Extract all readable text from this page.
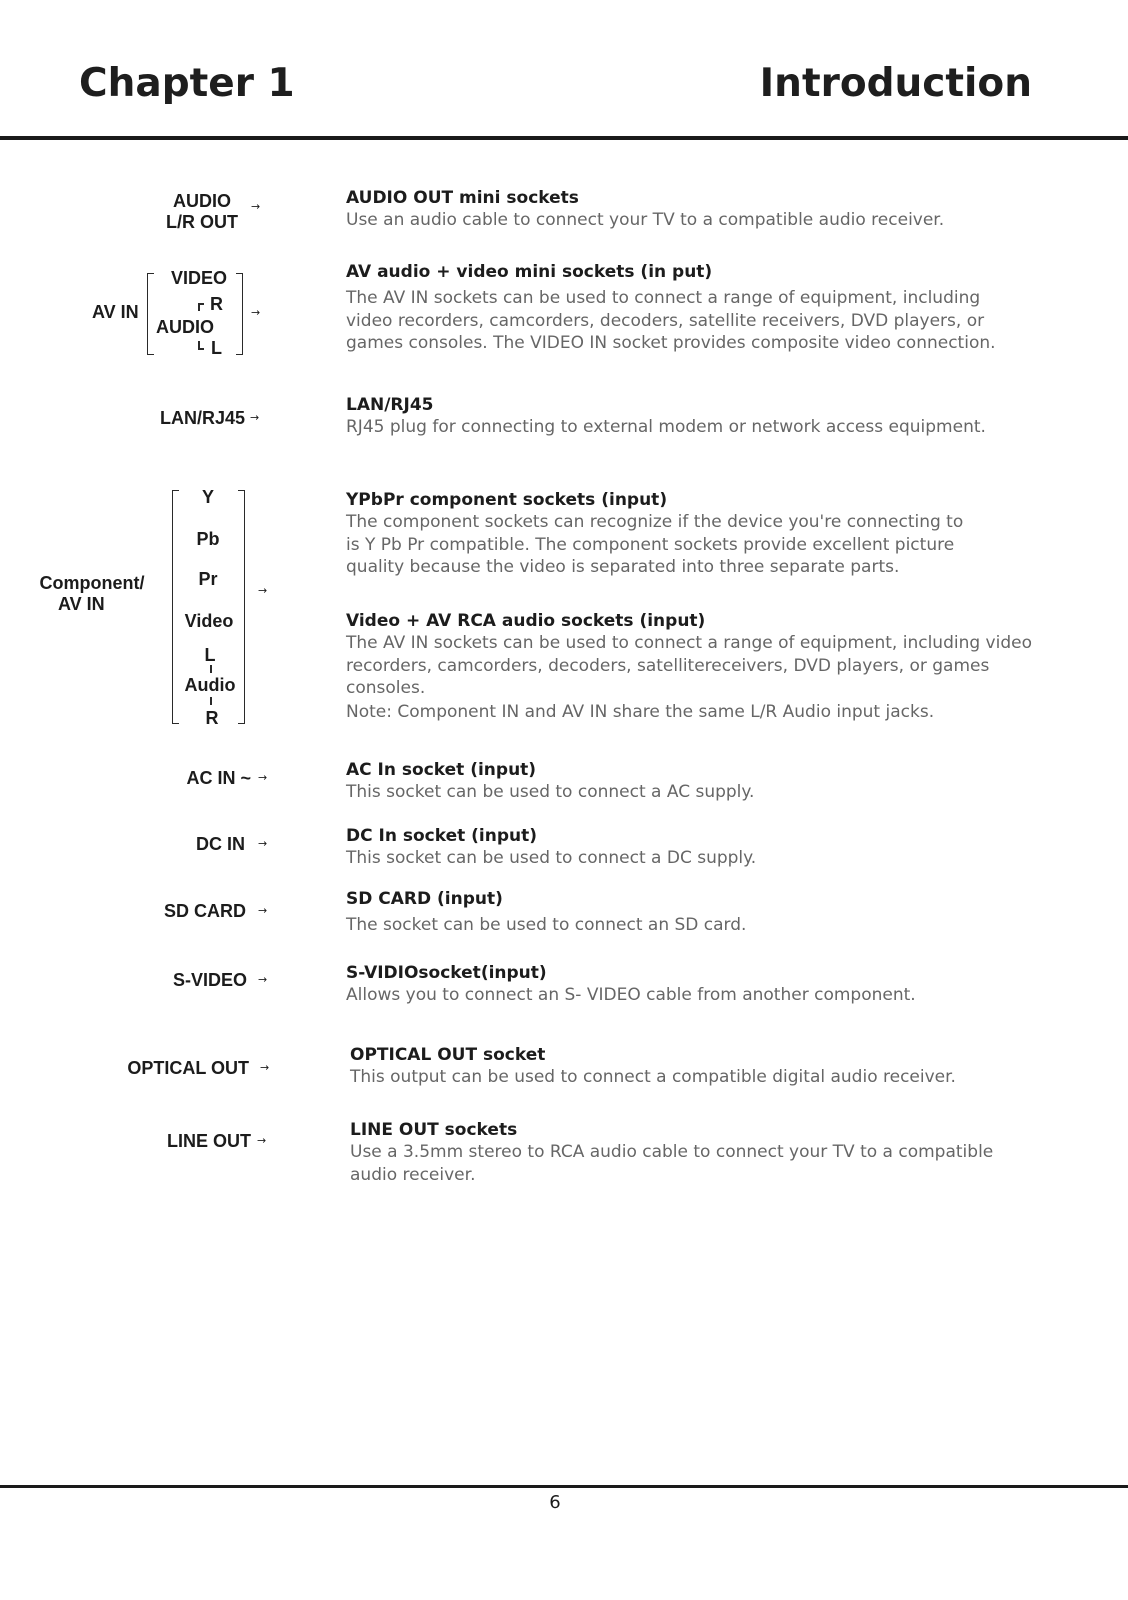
Chapter 1	Introduction
AUDIO
L/R OUT
→
AV IN
VIDEO
R
AUDIO
L
→
LAN/RJ45 →
Component/
AV IN
Y
Pb
Pr
Video
L
Audio
R
→
AC IN ~ →
DC IN →
SD CARD →
S-VIDEO →
OPTICAL OUT →
LINE OUT →
AUDIO OUT mini sockets
Use an audio cable to connect your TV to a compatible audio receiver.
AV audio + video mini sockets (in put)
The AV IN sockets can be used to connect a range of equipment, including
video recorders, camcorders, decoders, satellite receivers, DVD players, or
games consoles. The VIDEO IN socket provides composite video connection.
LAN/RJ45
RJ45 plug for connecting to external modem or network access equipment.
YPbPr component sockets (input)
The component sockets can recognize if the device you're connecting to
is Y Pb Pr compatible. The component sockets provide excellent picture
quality because the video is separated into three separate parts.
Video + AV RCA audio sockets (input)
The AV IN sockets can be used to connect a range of equipment, including video
recorders, camcorders, decoders, satellitereceivers, DVD players, or games
consoles.
Note: Component IN and AV IN share the same L/R Audio input jacks.
AC In socket (input)
This socket can be used to connect a AC supply.
DC In socket (input)
This socket can be used to connect a DC supply.
SD CARD (input)
The socket can be used to connect an SD card.
S-VIDIOsocket(input)
Allows you to connect an S- VIDEO cable from another component.
OPTICAL OUT socket
This output can be used to connect a compatible digital audio receiver.
LINE OUT sockets
Use a 3.5mm stereo to RCA audio cable to connect your TV to a compatible
audio receiver.
6
